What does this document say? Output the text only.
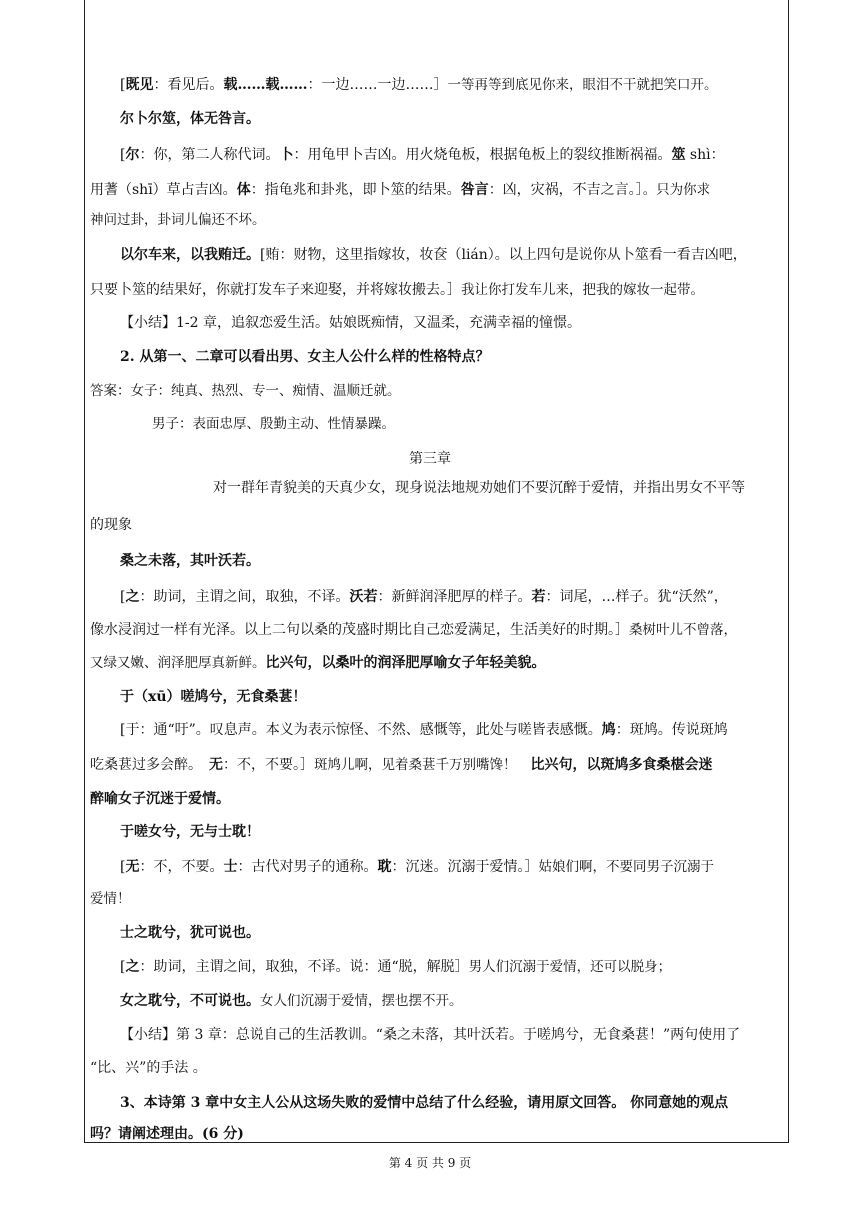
[既见：看见后。载……载……：一边……一边……］一等再等到底见你来，眼泪不干就把笑口开。
尔卜尔筮，体无咎言。
[尔：你，第二人称代词。卜：用龟甲卜吉凶。用火烧龟板，根据龟板上的裂纹推断祸福。筮 shì：
用蓍（shī）草占吉凶。体：指龟兆和卦兆，即卜筮的结果。咎言：凶，灾祸，不吉之言。］。只为你求
神问过卦，卦词儿偏还不坏。
以尔车来，以我贿迁。[贿：财物，这里指嫁妆，妆奁（lián）。以上四句是说你从卜筮看一看吉凶吧，
只要卜筮的结果好，你就打发车子来迎娶，并将嫁妆搬去。］我让你打发车儿来，把我的嫁妆一起带。
【小结】1-2 章，追叙恋爱生活。姑娘既痴情，又温柔，充满幸福的憧憬。
2. 从第一、二章可以看出男、女主人公什么样的性格特点？
答案：女子：纯真、热烈、专一、痴情、温顺迁就。
男子：表面忠厚、殷勤主动、性情暴躁。
第三章
对一群年青貌美的天真少女，现身说法地规劝她们不要沉醉于爱情，并指出男女不平等
的现象
桑之未落，其叶沃若。
[之：助词，主谓之间，取独，不译。沃若：新鲜润泽肥厚的样子。若：词尾，…样子。犹“沃然”，
像水浸润过一样有光泽。以上二句以桑的茂盛时期比自己恋爱满足，生活美好的时期。］桑树叶儿不曾落，
又绿又嫩、润泽肥厚真新鲜。比兴句，以桑叶的润泽肥厚喻女子年轻美貌。
于（xū）嗟鸠兮，无食桑葚！
[于：通“吁”。叹息声。本义为表示惊怪、不然、感慨等，此处与嗟皆表感慨。鸠：斑鸠。传说斑鸠
吃桑葚过多会醉。　无：不，不要。］斑鸠儿啊，见着桑葚千万别嘴馋！　比兴句，以斑鸠多食桑椹会迷
醉喻女子沉迷于爱情。
于嗟女兮，无与士耽！
[无：不，不要。士：古代对男子的通称。耽：沉迷。沉溺于爱情。］姑娘们啊，不要同男子沉溺于
爱情！
士之耽兮，犹可说也。
[之：助词，主谓之间，取独，不译。说：通“脱，解脱］男人们沉溺于爱情，还可以脱身；
女之耽兮，不可说也。女人们沉溺于爱情，摆也摆不开。
【小结】第 3 章：总说自己的生活教训。“桑之未落，其叶沃若。于嗟鸠兮，无食桑葚！”两句使用了
“比、兴”的手法 。
3、本诗第 3 章中女主人公从这场失败的爱情中总结了什么经验，请用原文回答。 你同意她的观点
吗？请阐述理由。(6 分)
第 4 页 共 9 页
